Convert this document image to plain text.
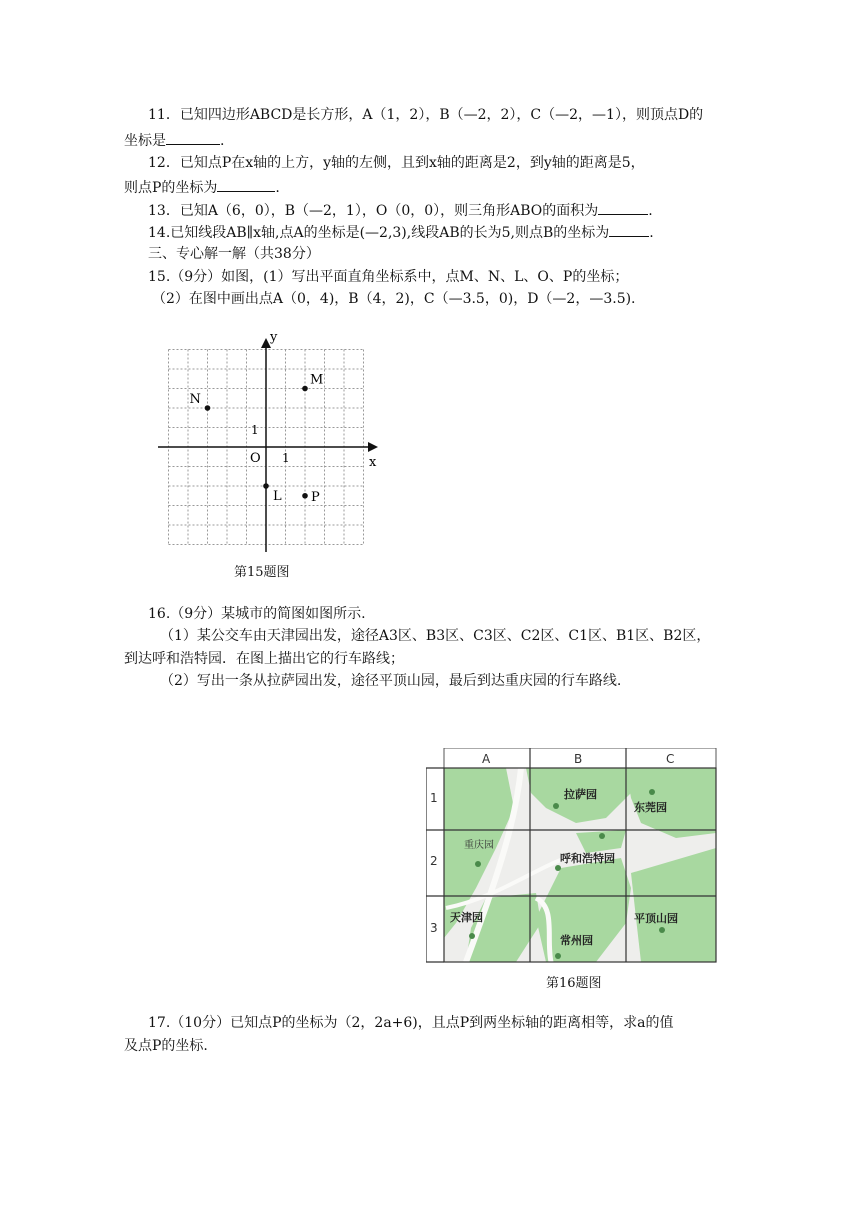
11．已知四边形ABCD是长方形，A（1，2），B（—2，2），C（—2，—1），则顶点D的
坐标是	.
12．已知点P在x轴的上方，y轴的左侧，且到x轴的距离是2，到y轴的距离是5，
则点P的坐标为	.
13．已知A（6，0），B（—2，1），O（0，0），则三角形ABO的面积为	.
14.已知线段AB∥x轴,点A的坐标是(—2,3),线段AB的长为5,则点B的坐标为	.
三、专心解一解（共38分）
15.（9分）如图，(1）写出平面直角坐标系中，点M、N、L、O、P的坐标；
（2）在图中画出点A（0，4)，B（4，2)，C（—3.5，0)，D（—2，—3.5).
x
y
O 1
1
M
N
L P
第15题图
16.（9分）某城市的简图如图所示.
（1）某公交车由天津园出发，途径A3区、B3区、C3区、C2区、C1区、B1区、B2区，
到达呼和浩特园．在图上描出它的行车路线；
（2）写出一条从拉萨园出发，途径平顶山园，最后到达重庆园的行车路线.
A	B	C
1
2
3
拉萨园
东莞园
重庆园
呼和浩特园
天津园	平顶山园
常州园
第16题图
17.（10分）已知点P的坐标为（2，2a+6)，且点P到两坐标轴的距离相等，求a的值
及点P的坐标.
